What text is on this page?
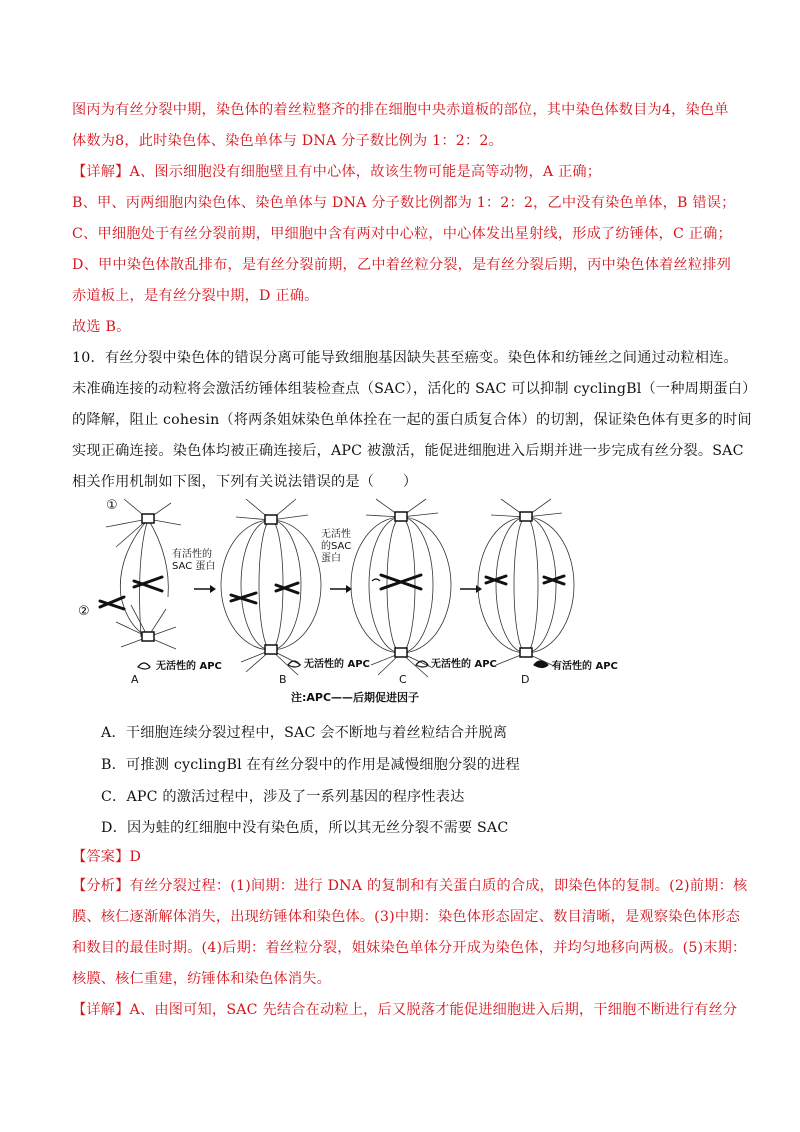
图丙为有丝分裂中期，染色体的着丝粒整齐的排在细胞中央赤道板的部位，其中染色体数目为4，染色单
体数为8，此时染色体、染色单体与 DNA 分子数比例为 1：2：2。
【详解】A、图示细胞没有细胞壁且有中心体，故该生物可能是高等动物，A 正确；
B、甲、丙两细胞内染色体、染色单体与 DNA 分子数比例都为 1：2：2，乙中没有染色单体，B 错误；
C、甲细胞处于有丝分裂前期，甲细胞中含有两对中心粒，中心体发出星射线，形成了纺锤体，C 正确；
D、甲中染色体散乱排布，是有丝分裂前期，乙中着丝粒分裂，是有丝分裂后期，丙中染色体着丝粒排列
赤道板上，是有丝分裂中期，D 正确。
故选 B。
10．有丝分裂中染色体的错误分离可能导致细胞基因缺失甚至癌变。染色体和纺锤丝之间通过动粒相连。
未准确连接的动粒将会激活纺锤体组装检查点（SAC），活化的 SAC 可以抑制 cyclingBl（一种周期蛋白）
的降解，阻止 cohesin（将两条姐妹染色单体拴在一起的蛋白质复合体）的切割，保证染色体有更多的时间
实现正确连接。染色体均被正确连接后，APC 被激活，能促进细胞进入后期并进一步完成有丝分裂。SAC
相关作用机制如下图，下列有关说法错误的是（　　）
①
②
有活性的
SAC 蛋白
无活性的 APC
A
无活性的 APC
B
无活性
的SAC
蛋白
无活性的 APC
C
有活性的 APC
D
注:APC——后期促进因子
A．干细胞连续分裂过程中，SAC 会不断地与着丝粒结合并脱离
B．可推测 cyclingBl 在有丝分裂中的作用是减慢细胞分裂的进程
C．APC 的激活过程中，涉及了一系列基因的程序性表达
D．因为蛙的红细胞中没有染色质，所以其无丝分裂不需要 SAC
【答案】D
【分析】有丝分裂过程：(1)间期：进行 DNA 的复制和有关蛋白质的合成，即染色体的复制。(2)前期：核
膜、核仁逐渐解体消失，出现纺锤体和染色体。(3)中期：染色体形态固定、数目清晰，是观察染色体形态
和数目的最佳时期。(4)后期：着丝粒分裂，姐妹染色单体分开成为染色体，并均匀地移向两极。(5)末期：
核膜、核仁重建，纺锤体和染色体消失。
【详解】A、由图可知，SAC 先结合在动粒上，后又脱落才能促进细胞进入后期，干细胞不断进行有丝分
